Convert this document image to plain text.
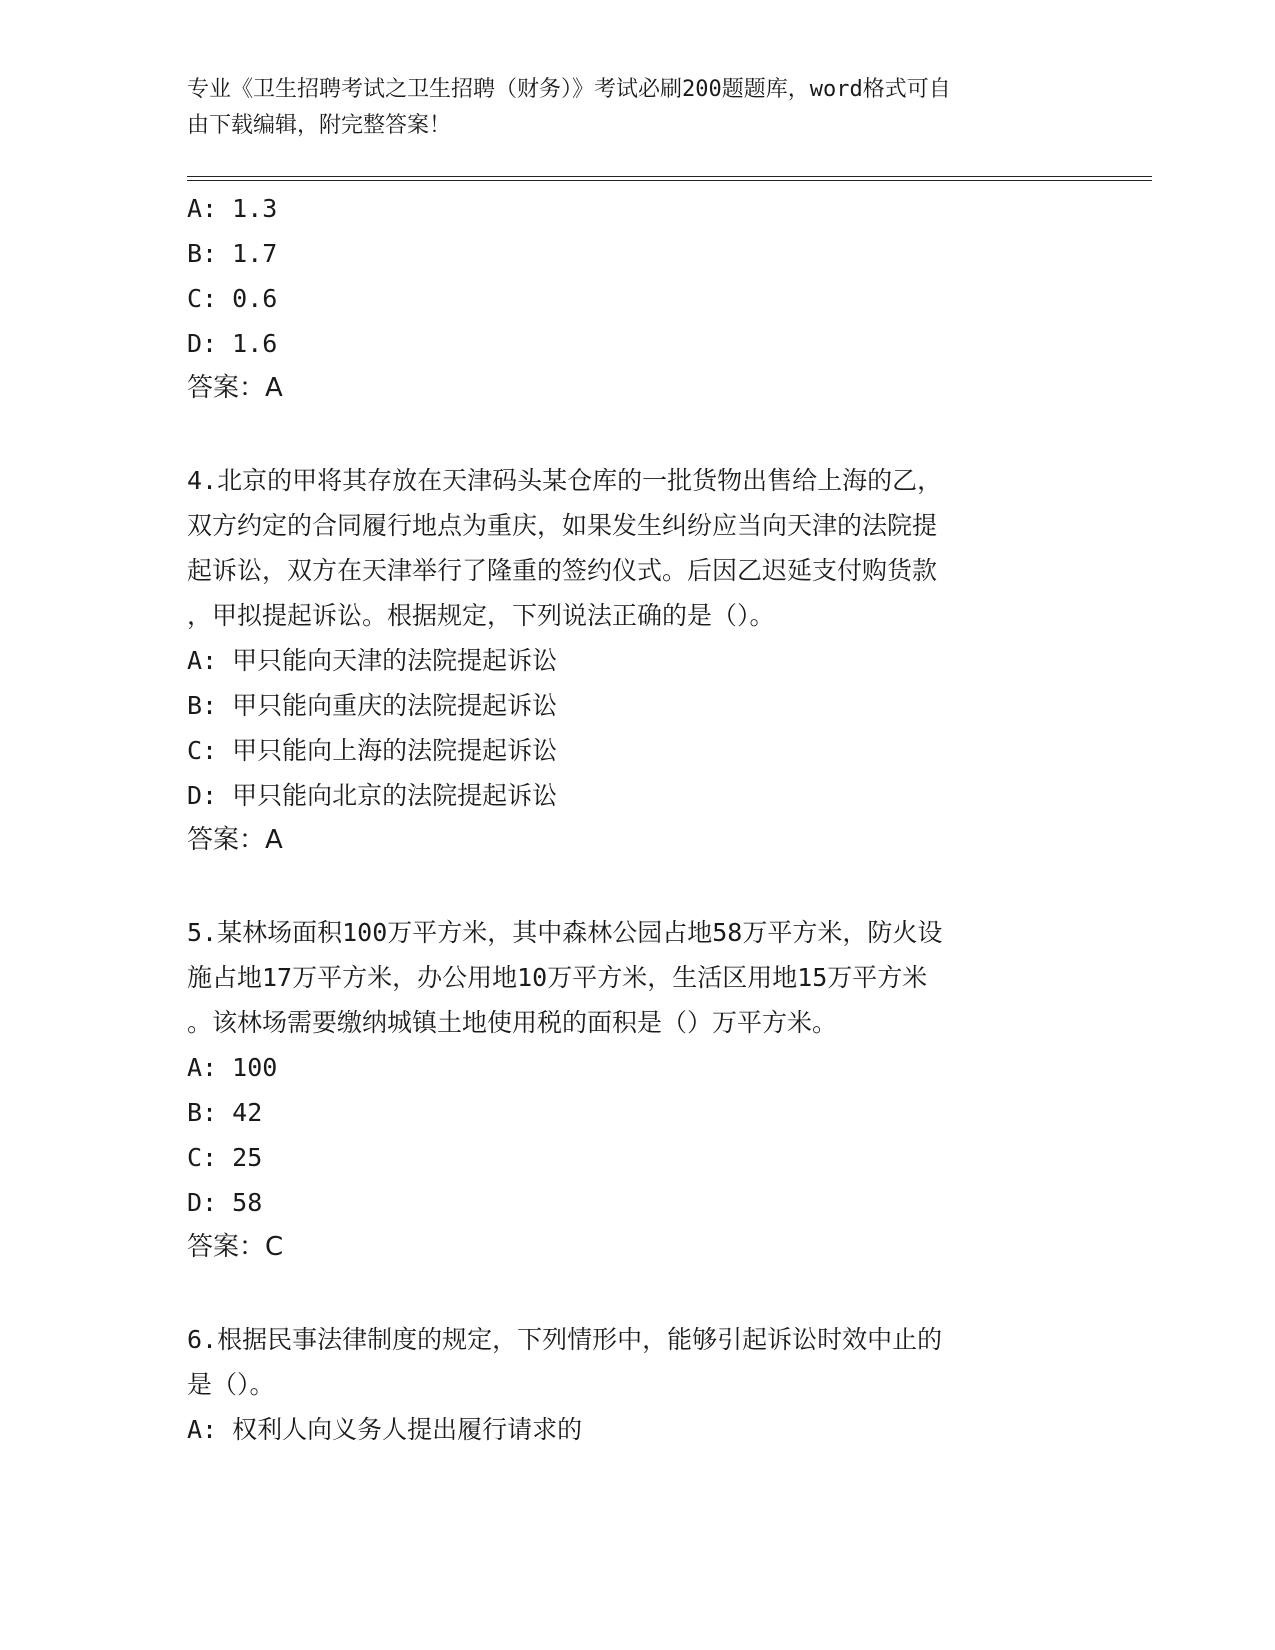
专业《卫生招聘考试之卫生招聘（财务）》考试必刷200题题库，word格式可自
由下载编辑，附完整答案！
A: 1.3
B: 1.7
C: 0.6
D: 1.6
答案：A
4.北京的甲将其存放在天津码头某仓库的一批货物出售给上海的乙，
双方约定的合同履行地点为重庆，如果发生纠纷应当向天津的法院提
起诉讼，双方在天津举行了隆重的签约仪式。后因乙迟延支付购货款
，甲拟提起诉讼。根据规定，下列说法正确的是（）。
A: 甲只能向天津的法院提起诉讼
B: 甲只能向重庆的法院提起诉讼
C: 甲只能向上海的法院提起诉讼
D: 甲只能向北京的法院提起诉讼
答案：A
5.某林场面积100万平方米，其中森林公园占地58万平方米，防火设
施占地17万平方米，办公用地10万平方米，生活区用地15万平方米
。该林场需要缴纳城镇土地使用税的面积是（）万平方米。
A: 100
B: 42
C: 25
D: 58
答案：C
6.根据民事法律制度的规定，下列情形中，能够引起诉讼时效中止的
是（）。
A: 权利人向义务人提出履行请求的
